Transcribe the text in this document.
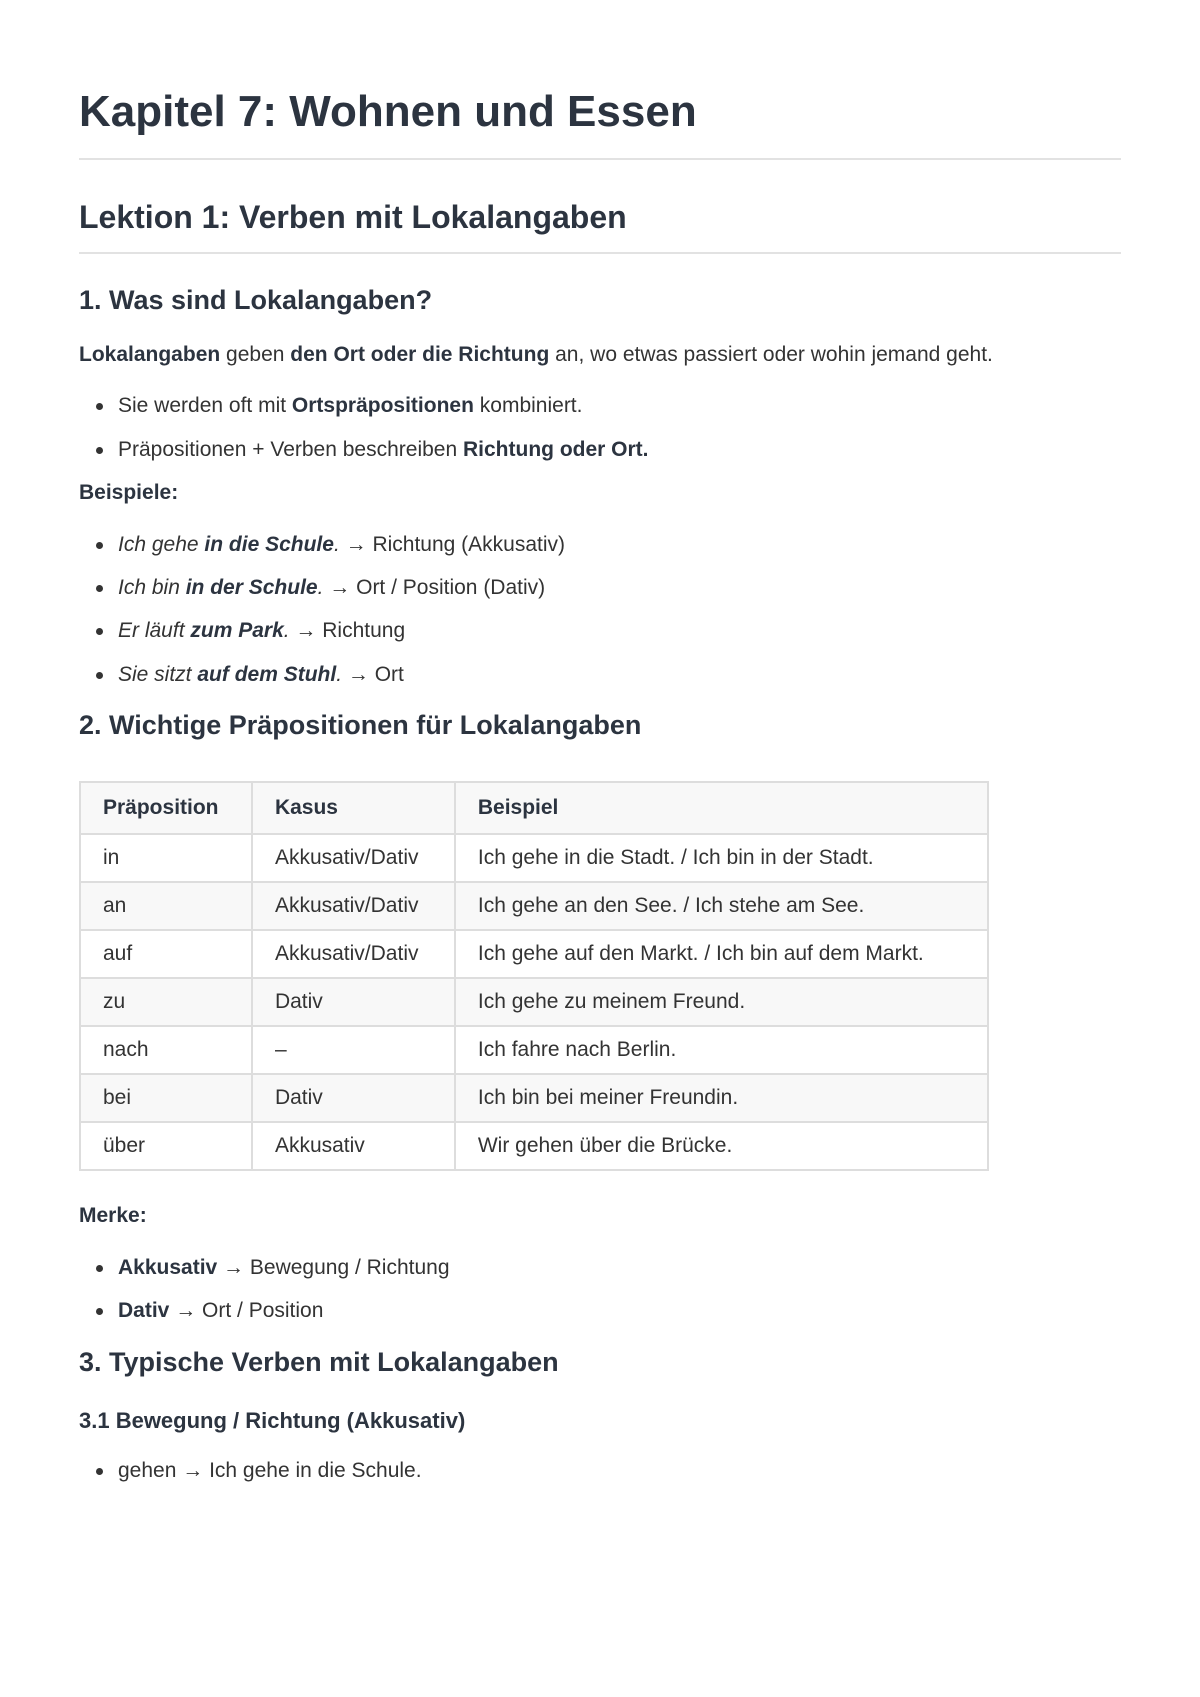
Kapitel 7: Wohnen und Essen
Lektion 1: Verben mit Lokalangaben
1. Was sind Lokalangaben?

Lokalangaben geben den Ort oder die Richtung an, wo etwas passiert oder wohin jemand geht.

Sie werden oft mit Ortspräpositionen kombiniert.
Präpositionen + Verben beschreiben Richtung oder Ort.

Beispiele:

Ich gehe in die Schule. → Richtung (Akkusativ)
Ich bin in der Schule. → Ort / Position (Dativ)
Er läuft zum Park. → Richtung
Sie sitzt auf dem Stuhl. → Ort
2. Wichtige Präpositionen für Lokalangaben
Präposition	Kasus	Beispiel
in	Akkusativ/Dativ	Ich gehe in die Stadt. / Ich bin in der Stadt.
an	Akkusativ/Dativ	Ich gehe an den See. / Ich stehe am See.
auf	Akkusativ/Dativ	Ich gehe auf den Markt. / Ich bin auf dem Markt.
zu	Dativ	Ich gehe zu meinem Freund.
nach	–	Ich fahre nach Berlin.
bei	Dativ	Ich bin bei meiner Freundin.
über	Akkusativ	Wir gehen über die Brücke.

Merke:

Akkusativ → Bewegung / Richtung
Dativ → Ort / Position
3. Typische Verben mit Lokalangaben
3.1 Bewegung / Richtung (Akkusativ)
gehen → Ich gehe in die Schule.
